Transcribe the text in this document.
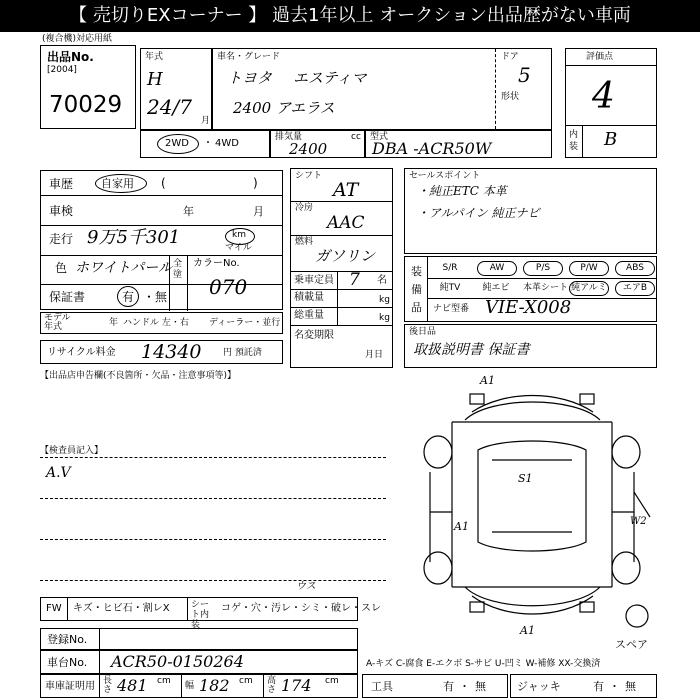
【 売切りEXコーナー 】 過去1年以上 オークション出品歴がない車両
(複合機)対応用紙
出品No.
[2004]
70029
年式
H
24/7
月
車名・グレード
トヨタ エスティマ
2400 アエラス
ドア
5
形状
評価点
4
内装 B
2WD ・ 4WD
排気量	cc
2400
型式
DBA -ACR50W
車歴	自家用 (	)
車検	年	月
走行 9万5千301	km
マイル
色 ホワイトパール 全塗
カラーNo.
070
保証書	有 ・ 無
モデル年式	年 ハンドル 左・右 ディーラー・並行
リサイクル料金 14340 円 預託済
シフト
AT
冷房
AAC
燃料
ガソリン
乗車定員 7 名
積載量	kg
総重量	kg
名変期限
月日
セールスポイント
・純正ETC 本革
・アルパイン 純正ナビ
装備品
S/R	AW	P/S	P/W	ABS
純TV	純エビ	本革シート 純アルミ	エアB
ナビ型番 VIE-X008
後日品
取扱説明書 保証書
【出品店申告欄(不良箇所・欠品・注意事項等)】
【検査員記入】
A.V
A1
S1
A1	W2
A1
スペア
ウス
FW キズ・ヒビ石・割レX シート内装
コゲ・穴・汚レ・シミ・破レ・スレ
登録No.
車台No. ACR50-0150264
車庫証明用 長さ 481 cm 幅 182 cm 高さ 174 cm
A-キズ C-腐食 E-エクボ S-サビ U-凹ミ W-補修 XX-交換済
工具	有 ・ 無	ジャッキ	有 ・ 無
